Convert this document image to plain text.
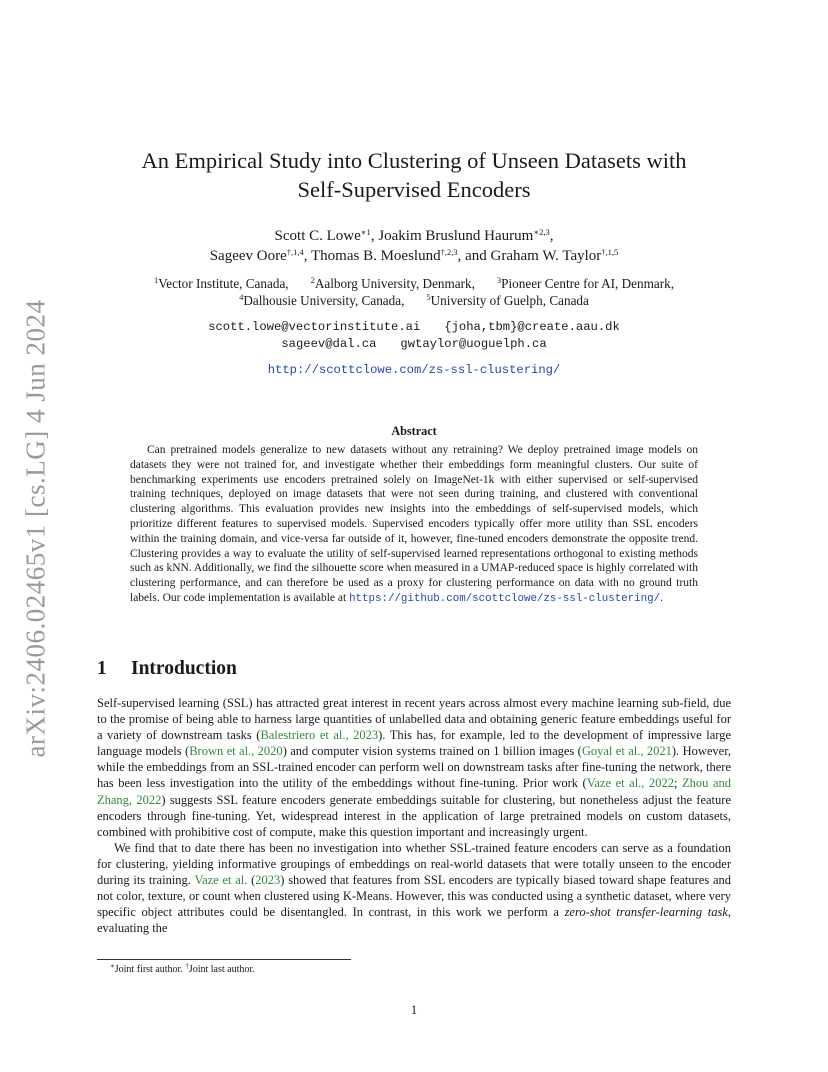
arXiv:2406.02465v1 [cs.LG] 4 Jun 2024
An Empirical Study into Clustering of Unseen Datasets with
Self-Supervised Encoders
Scott C. Lowe$^{∗1}$, Joakim Bruslund Haurum$^{∗2,3}$,
Sageev Oore$^{\dagger,1,4}$, Thomas B. Moeslund$^{\dagger,2,3}$, and Graham W. Taylor$^{\dagger,1,5}$
$^1$Vector Institute, Canada,	$^2$Aalborg University, Denmark,	$^3$Pioneer Centre for AI, Denmark,
$^4$Dalhousie University, Canada,	$^5$University of Guelph, Canada
scott.lowe@vectorinstitute.ai {joha,tbm}@create.aau.dk
sageev@dal.ca gwtaylor@uoguelph.ca
http://scottclowe.com/zs-ssl-clustering/
Abstract

Can pretrained models generalize to new datasets without any retraining? We deploy pretrained image models on datasets they were not trained for, and investigate whether their embeddings form meaningful clusters. Our suite of benchmarking experiments use encoders pretrained solely on ImageNet-1k with either supervised or self-supervised training techniques, deployed on image datasets that were not seen during training, and clustered with conventional clustering algorithms. This evaluation provides new insights into the embeddings of self-supervised models, which prioritize different features to supervised models. Supervised encoders typically offer more utility than SSL encoders within the training domain, and vice-versa far outside of it, however, fine-tuned encoders demonstrate the opposite trend. Clustering provides a way to evaluate the utility of self-supervised learned representations orthogonal to existing methods such as kNN. Additionally, we find the silhouette score when measured in a UMAP-reduced space is highly correlated with clustering performance, and can therefore be used as a proxy for clustering performance on data with no ground truth labels. Our code implementation is available at https://github.com/scottclowe/zs-ssl-clustering/.

1 Introduction

Self-supervised learning (SSL) has attracted great interest in recent years across almost every machine learning sub-field, due to the promise of being able to harness large quantities of unlabelled data and obtaining generic feature embeddings useful for a variety of downstream tasks (Balestriero et al., 2023). This has, for example, led to the development of impressive large language models (Brown et al., 2020) and computer vision systems trained on 1 billion images (Goyal et al., 2021). However, while the embeddings from an SSL-trained encoder can perform well on downstream tasks after fine-tuning the network, there has been less investigation into the utility of the embeddings without fine-tuning. Prior work (Vaze et al., 2022; Zhou and Zhang, 2022) suggests SSL feature encoders generate embeddings suitable for clustering, but nonetheless adjust the feature encoders through fine-tuning. Yet, widespread interest in the application of large pretrained models on custom datasets, combined with prohibitive cost of compute, make this question important and increasingly urgent.

We find that to date there has been no investigation into whether SSL-trained feature encoders can serve as a foundation for clustering, yielding informative groupings of embeddings on real-world datasets that were totally unseen to the encoder during its training. Vaze et al. (2023) showed that features from SSL encoders are typically biased toward shape features and not color, texture, or count when clustered using K-Means. However, this was conducted using a synthetic dataset, where very specific object attributes could be disentangled. In contrast, in this work we perform a zero-shot transfer-learning task, evaluating the

∗Joint first author. †Joint last author.
1
